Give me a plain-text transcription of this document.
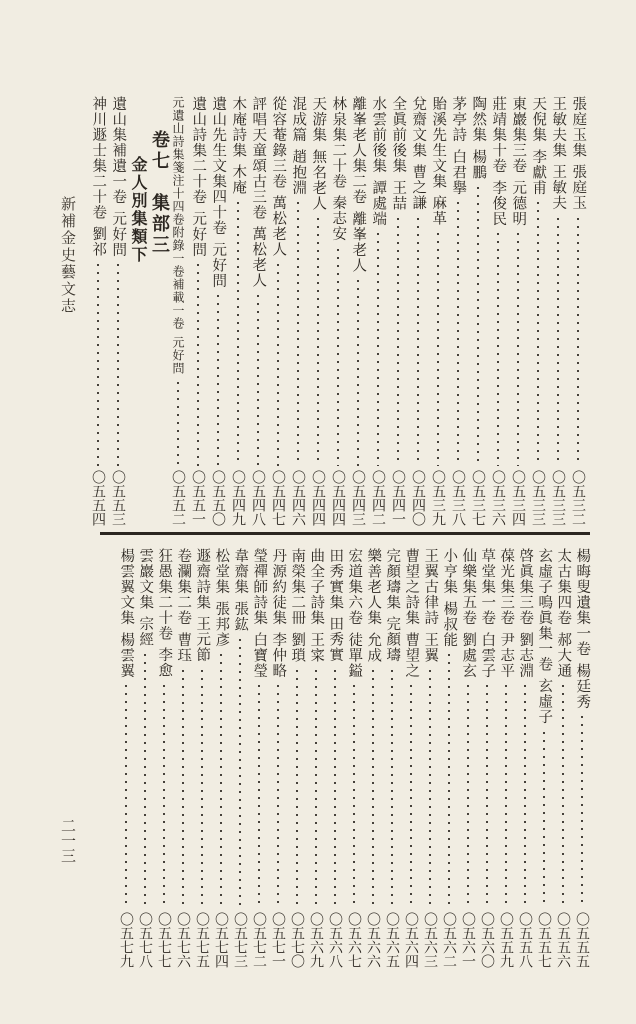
新補金史藝文志
二一三
張庭玉集
張庭玉
〇五三二
王敏夫集
王敏夫
〇五三三
天倪集
李獻甫
〇五三三
東巖集三卷
元德明
〇五三四
莊靖集十卷
李俊民
〇五三六
陶然集
楊鵬
〇五三七
茅亭詩
白君擧
〇五三八
貽溪先生文集
麻革
〇五三九
兌齋文集
曹之謙
〇五四〇
全眞前後集
王喆
〇五四一
水雲前後集
譚處端
〇五四二
離峯老人集二卷
離峯老人
〇五四三
林泉集二十卷
秦志安
〇五四四
天游集
無名老人
〇五四四
混成篇
趙抱淵
〇五四六
從容菴錄三卷
萬松老人
〇五四七
評唱天童頌古三卷
萬松老人
〇五四八
木庵詩集
木庵
〇五四九
遺山先生文集四十卷
元好問
〇五五〇
遺山詩集二十卷
元好問
〇五五一
元遺山詩集箋注十四卷附錄一卷補載一卷
元好問
〇五五二
卷七　集部三
遺山集補遺一卷
元好問
〇五五三
金人別集類下
神川遯士集二十卷
劉祁
〇五五四
楊晦叟遺集一卷
楊廷秀
〇五五五
太古集四卷
郝大通
〇五五六
玄虛子鳴眞集一卷
玄虛子
〇五五七
啓眞集三卷
劉志淵
〇五五八
葆光集三卷
尹志平
〇五五九
草堂集一卷
白雲子
〇五六〇
仙樂集五卷
劉處玄
〇五六一
小亨集
楊叔能
〇五六二
王翼古律詩
王翼
〇五六三
曹望之詩集
曹望之
〇五六四
完顏璹集
完顏璹
〇五六五
樂善老人集
允成
〇五六六
宏道集六卷
徒單鎰
〇五六七
田秀實集
田秀實
〇五六八
曲全子詩集
王寀
〇五六九
南榮集二冊
劉瑣
〇五七〇
丹源約徒集
李仲略
〇五七一
瑩禪師詩集
白寶瑩
〇五七二
韋齋集
張鈜
〇五七三
松堂集
張邦彥
〇五七四
遯齋詩集
王元節
〇五七五
卷瀾集二卷
曹珏
〇五七六
狂愚集二十卷
李愈
〇五七七
雲巖文集
宗經
〇五七八
楊雲翼文集
楊雲翼
〇五七九
